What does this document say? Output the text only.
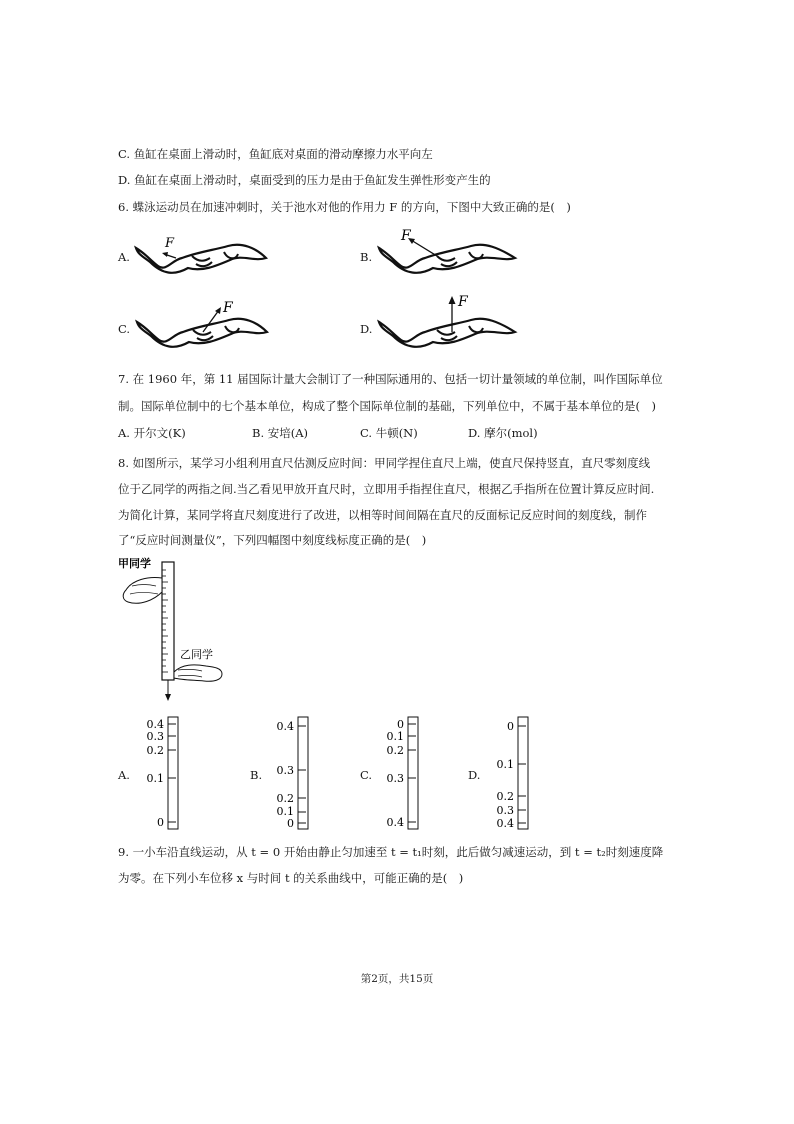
C. 鱼缸在桌面上滑动时，鱼缸底对桌面的滑动摩擦力水平向左
D. 鱼缸在桌面上滑动时，桌面受到的压力是由于鱼缸发生弹性形变产生的
6. 蝶泳运动员在加速冲刺时，关于池水对他的作用力 F 的方向，下图中大致正确的是(　)
A.
F
B.
F
C.
F
D.
F
7. 在 1960 年，第 11 届国际计量大会制订了一种国际通用的、包括一切计量领域的单位制，叫作国际单位
制。国际单位制中的七个基本单位，构成了整个国际单位制的基础，下列单位中，不属于基本单位的是(　)
A. 开尔文(K)	B. 安培(A)	C. 牛顿(N)	D. 摩尔(mol)
8. 如图所示，某学习小组利用直尺估测反应时间：甲同学捏住直尺上端，使直尺保持竖直，直尺零刻度线
位于乙同学的两指之间.当乙看见甲放开直尺时，立即用手指捏住直尺，根据乙手指所在位置计算反应时间.
为简化计算，某同学将直尺刻度进行了改进，以相等时间间隔在直尺的反面标记反应时间的刻度线，制作
了“反应时间测量仪”，下列四幅图中刻度线标度正确的是(　)
甲同学
乙同学
A.
0.4
0.3
0.2
0.1
0
B.
0.4
0.3
0.2
0.1
0
C.
0
0.1
0.2
0.3
0.4
D.
0
0.1
0.2
0.3
0.4
9. 一小车沿直线运动，从 t = 0 开始由静止匀加速至 t = t₁时刻，此后做匀减速运动，到 t = t₂时刻速度降
为零。在下列小车位移 x 与时间 t 的关系曲线中，可能正确的是(　)
第2页，共15页
